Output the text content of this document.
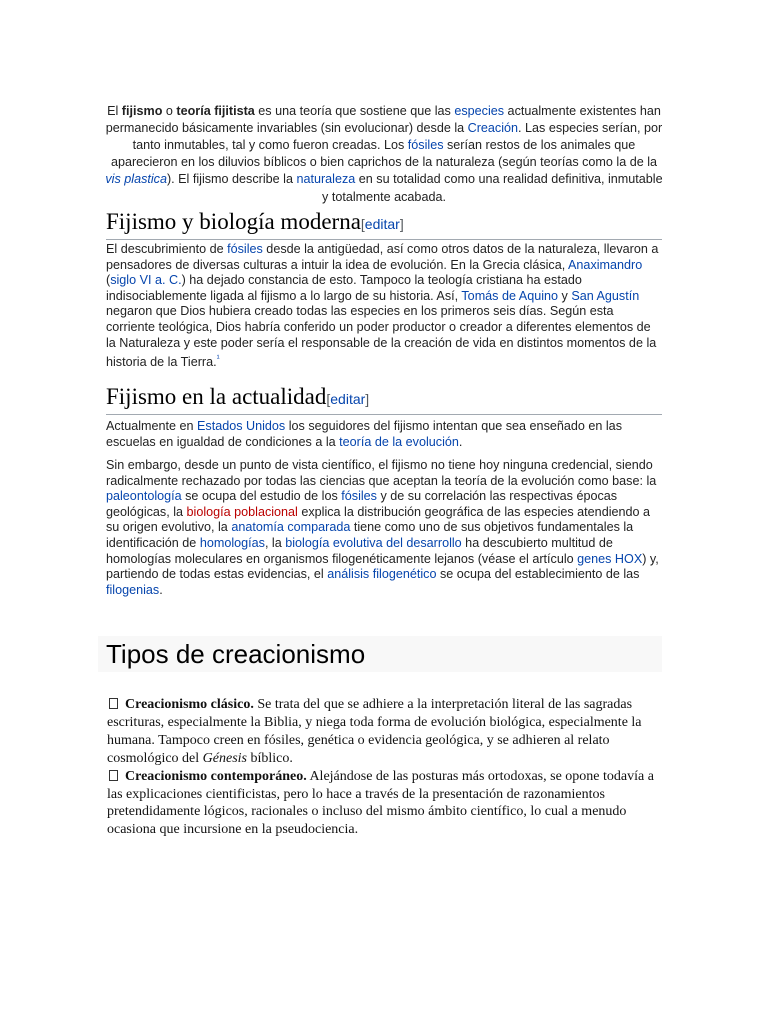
El fijismo o teoría fijitista es una teoría que sostiene que las especies actualmente existentes han permanecido básicamente invariables (sin evolucionar) desde la Creación. Las especies serían, por tanto inmutables, tal y como fueron creadas. Los fósiles serían restos de los animales que aparecieron en los diluvios bíblicos o bien caprichos de la naturaleza (según teorías como la de la vis plastica). El fijismo describe la naturaleza en su totalidad como una realidad definitiva, inmutable y totalmente acabada.

Fijismo y biología moderna[editar]

El descubrimiento de fósiles desde la antigüedad, así como otros datos de la naturaleza, llevaron a pensadores de diversas culturas a intuir la idea de evolución. En la Grecia clásica, Anaximandro (siglo VI a. C.) ha dejado constancia de esto. Tampoco la teología cristiana ha estado indisociablemente ligada al fijismo a lo largo de su historia. Así, Tomás de Aquino y San Agustín negaron que Dios hubiera creado todas las especies en los primeros seis días. Según esta corriente teológica, Dios habría conferido un poder productor o creador a diferentes elementos de la Naturaleza y este poder sería el responsable de la creación de vida en distintos momentos de la historia de la Tierra.$^{^1}$

Fijismo en la actualidad[editar]

Actualmente en Estados Unidos los seguidores del fijismo intentan que sea enseñado en las escuelas en igualdad de condiciones a la teoría de la evolución.

Sin embargo, desde un punto de vista científico, el fijismo no tiene hoy ninguna credencial, siendo radicalmente rechazado por todas las ciencias que aceptan la teoría de la evolución como base: la paleontología se ocupa del estudio de los fósiles y de su correlación las respectivas épocas geológicas, la biología poblacional explica la distribución geográfica de las especies atendiendo a su origen evolutivo, la anatomía comparada tiene como uno de sus objetivos fundamentales la identificación de homologías, la biología evolutiva del desarrollo ha descubierto multitud de homologías moleculares en organismos filogenéticamente lejanos (véase el artículo genes HOX) y, partiendo de todas estas evidencias, el análisis filogenético se ocupa del establecimiento de las filogenias.

Tipos de creacionismo
Creacionismo clásico. Se trata del que se adhiere a la interpretación literal de las sagradas escrituras, especialmente la Biblia, y niega toda forma de evolución biológica, especialmente la humana. Tampoco creen en fósiles, genética o evidencia geológica, y se adhieren al relato cosmológico del Génesis bíblico.
Creacionismo contemporáneo. Alejándose de las posturas más ortodoxas, se opone todavía a las explicaciones cientificistas, pero lo hace a través de la presentación de razonamientos pretendidamente lógicos, racionales o incluso del mismo ámbito científico, lo cual a menudo ocasiona que incursione en la pseudociencia.
